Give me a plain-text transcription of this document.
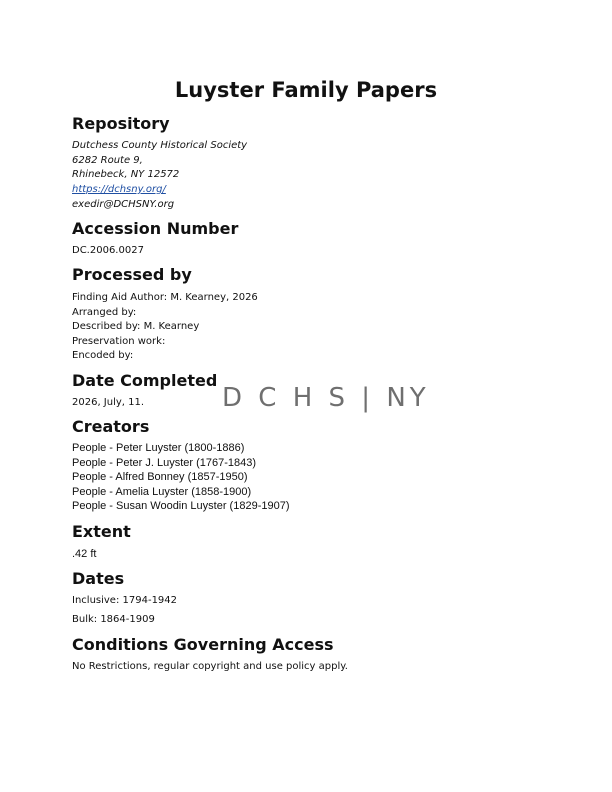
Luyster Family Papers
Repository
Dutchess County Historical Society
6282 Route 9,
Rhinebeck, NY 12572
https://dchsny.org/
exedir@DCHSNY.org
Accession Number
DC.2006.0027
Processed by
Finding Aid Author: M. Kearney, 2026
Arranged by:
Described by: M. Kearney
Preservation work:
Encoded by:
Date Completed
2026, July, 11.
Creators
People - Peter Luyster (1800-1886)
People - Peter J. Luyster (1767-1843)
People - Alfred Bonney (1857-1950)
People - Amelia Luyster (1858-1900)
People - Susan Woodin Luyster (1829-1907)
Extent
.42 ft
Dates
Inclusive: 1794-1942
Bulk: 1864-1909
Conditions Governing Access
No Restrictions, regular copyright and use policy apply.
D C H S | NY
